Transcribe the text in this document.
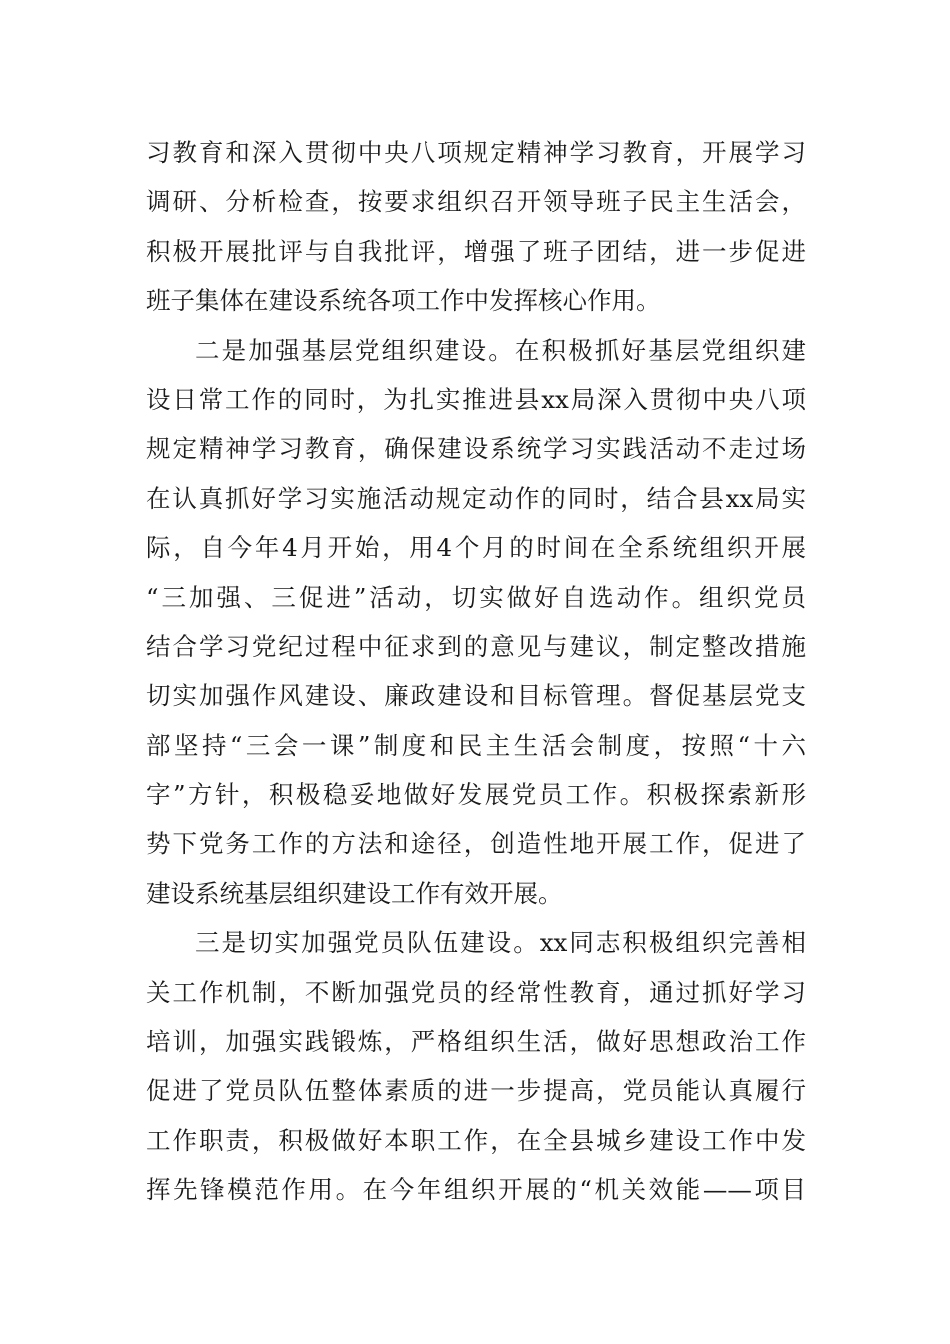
习教育和深入贯彻中央八项规定精神学习教育，开展学习
调研、分析检查，按要求组织召开领导班子民主生活会，
积极开展批评与自我批评，增强了班子团结，进一步促进
班子集体在建设系统各项工作中发挥核心作用。
二是加强基层党组织建设。在积极抓好基层党组织建
设日常工作的同时，为扎实推进县xx局深入贯彻中央八项
规定精神学习教育，确保建设系统学习实践活动不走过场
在认真抓好学习实施活动规定动作的同时，结合县xx局实
际，自今年4月开始，用4个月的时间在全系统组织开展
“三加强、三促进”活动，切实做好自选动作。组织党员
结合学习党纪过程中征求到的意见与建议，制定整改措施
切实加强作风建设、廉政建设和目标管理。督促基层党支
部坚持“三会一课”制度和民主生活会制度，按照“十六
字”方针，积极稳妥地做好发展党员工作。积极探索新形
势下党务工作的方法和途径，创造性地开展工作，促进了
建设系统基层组织建设工作有效开展。
三是切实加强党员队伍建设。xx同志积极组织完善相
关工作机制，不断加强党员的经常性教育，通过抓好学习
培训，加强实践锻炼，严格组织生活，做好思想政治工作
促进了党员队伍整体素质的进一步提高，党员能认真履行
工作职责，积极做好本职工作，在全县城乡建设工作中发
挥先锋模范作用。在今年组织开展的“机关效能——项目
